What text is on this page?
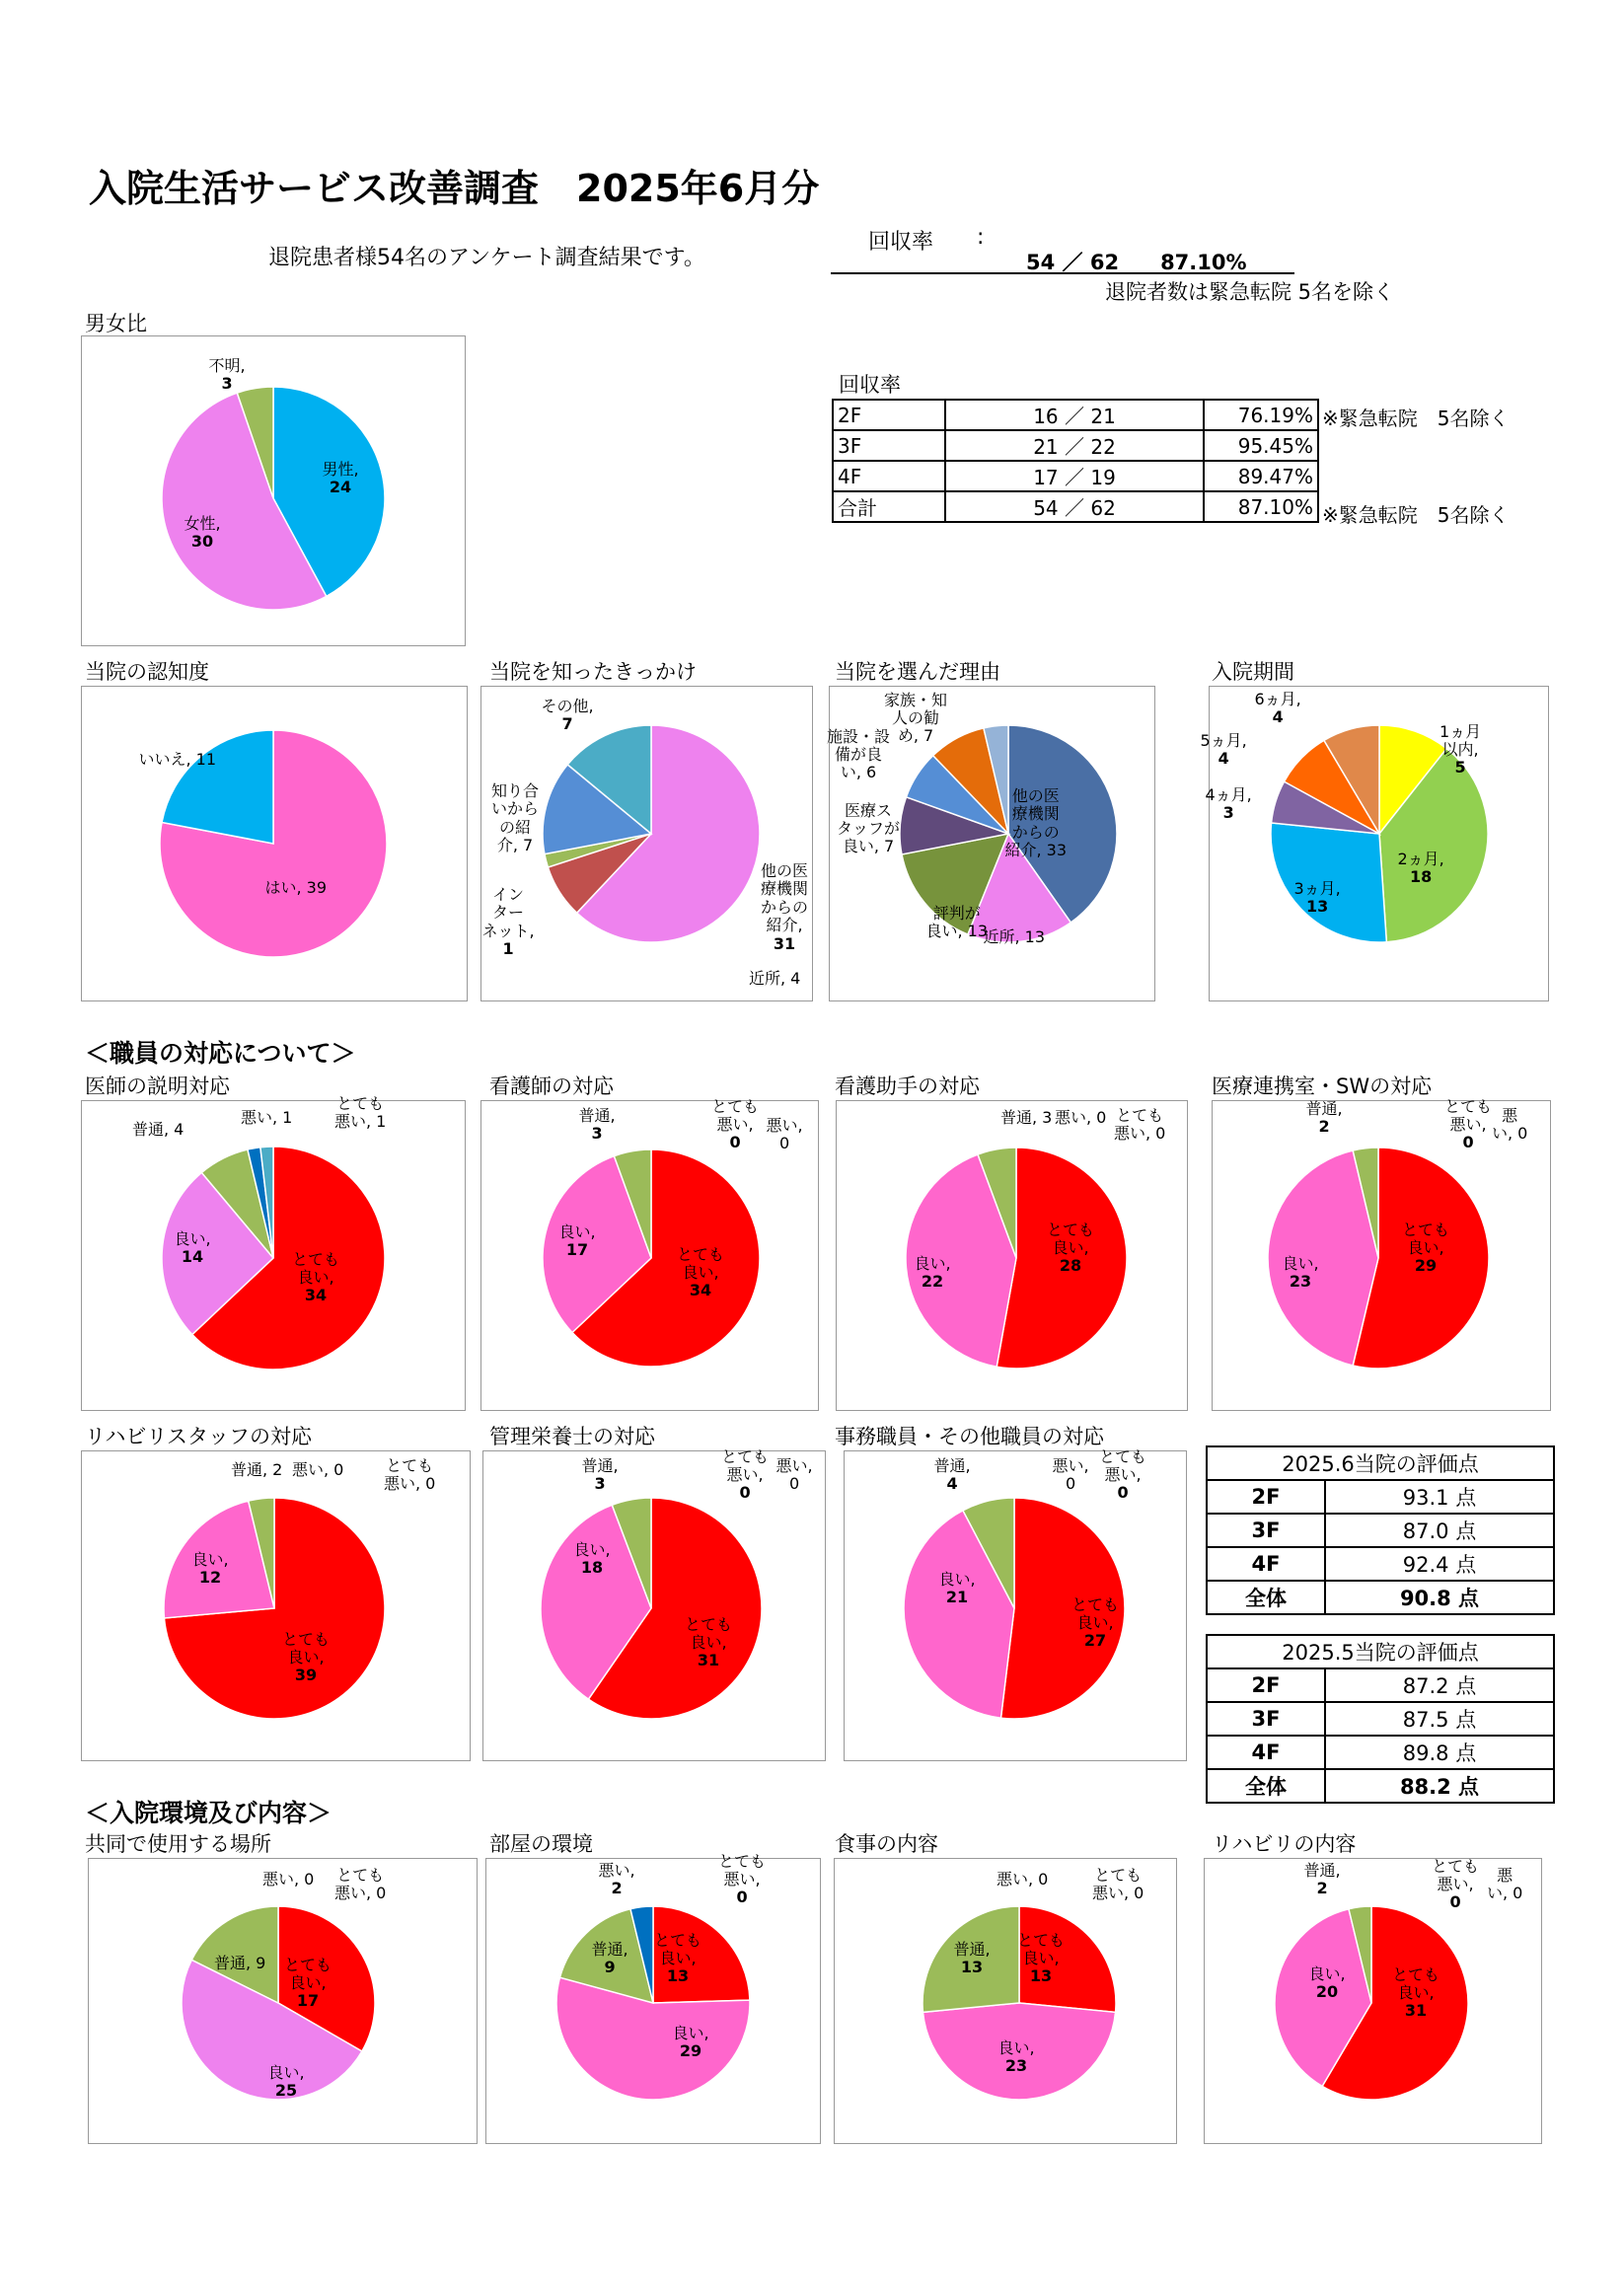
入院生活サービス改善調査　2025年6月分
退院患者様54名のアンケート調査結果です。
回収率 :
54 ／ 62　　87.10%
退院者数は緊急転院 5名を除く
回収率
2F	16 ／ 21	76.19%
3F	21 ／ 22	95.45%
4F	17 ／ 19	89.47%
合計	54 ／ 62	87.10%
※緊急転院　5名除く
※緊急転院　5名除く
＜職員の対応について＞
＜入院環境及び内容＞
男女比
男性,
24
女性,
30
不明,
3
当院の認知度
はい, 39
いいえ, 11
当院を知ったきっかけ
他の医
療機関
からの
紹介,
31
近所, 4
イン
ター
ネット,
1
知り合
いから
の紹
介, 7
その他,
7
当院を選んだ理由
他の医
療機関
からの
紹介, 33
近所, 13
評判が
良い, 13
医療ス
タッフが
良い, 7
施設・設
備が良
い, 6
家族・知
人の勧
め, 7
入院期間
1ヵ月
以内,
5
2ヵ月,
18
3ヵ月,
13
4ヵ月,
3
5ヵ月,
4
6ヵ月,
4
医師の説明対応
とても
良い,
34
良い,
14
普通, 4
悪い, 1
とても
悪い, 1
看護師の対応
とても
良い,
34
良い,
17
普通,
3	悪い,
0
とても
悪い,
0
看護助手の対応
とても
良い,
28
良い,
22
普通, 3 悪い, 0 とても
悪い, 0
医療連携室・SWの対応
とても
良い,
29
良い,
23
普通,
2
悪
い, 0
とても
悪い,
0
リハビリスタッフの対応
とても
良い,
39
良い,
12
普通, 2 悪い, 0	とても
悪い, 0
管理栄養士の対応
とても
良い,
31
良い,
18
普通,
3
悪い,
0
とても
悪い,
0
事務職員・その他職員の対応
とても
良い,
27
良い,
21
普通,
4
悪い,
0
とても
悪い,
0
共同で使用する場所
とても
良い,
17
良い,
25
普通, 9
悪い, 0 とても
悪い, 0
部屋の環境
とても
良い,
13
良い,
29
普通,
9
悪い,
2
とても
悪い,
0
食事の内容
とても
良い,
13
良い,
23
普通,
13
悪い, 0	とても
悪い, 0
リハビリの内容
とても
良い,
31
良い,
20
普通,
2
悪
い, 0
とても
悪い,
0
2025.6当院の評価点	
2F	93.1 点
3F	87.0 点
4F	92.4 点
全体	90.8 点
2025.5当院の評価点	
2F	87.2 点
3F	87.5 点
4F	89.8 点
全体	88.2 点
